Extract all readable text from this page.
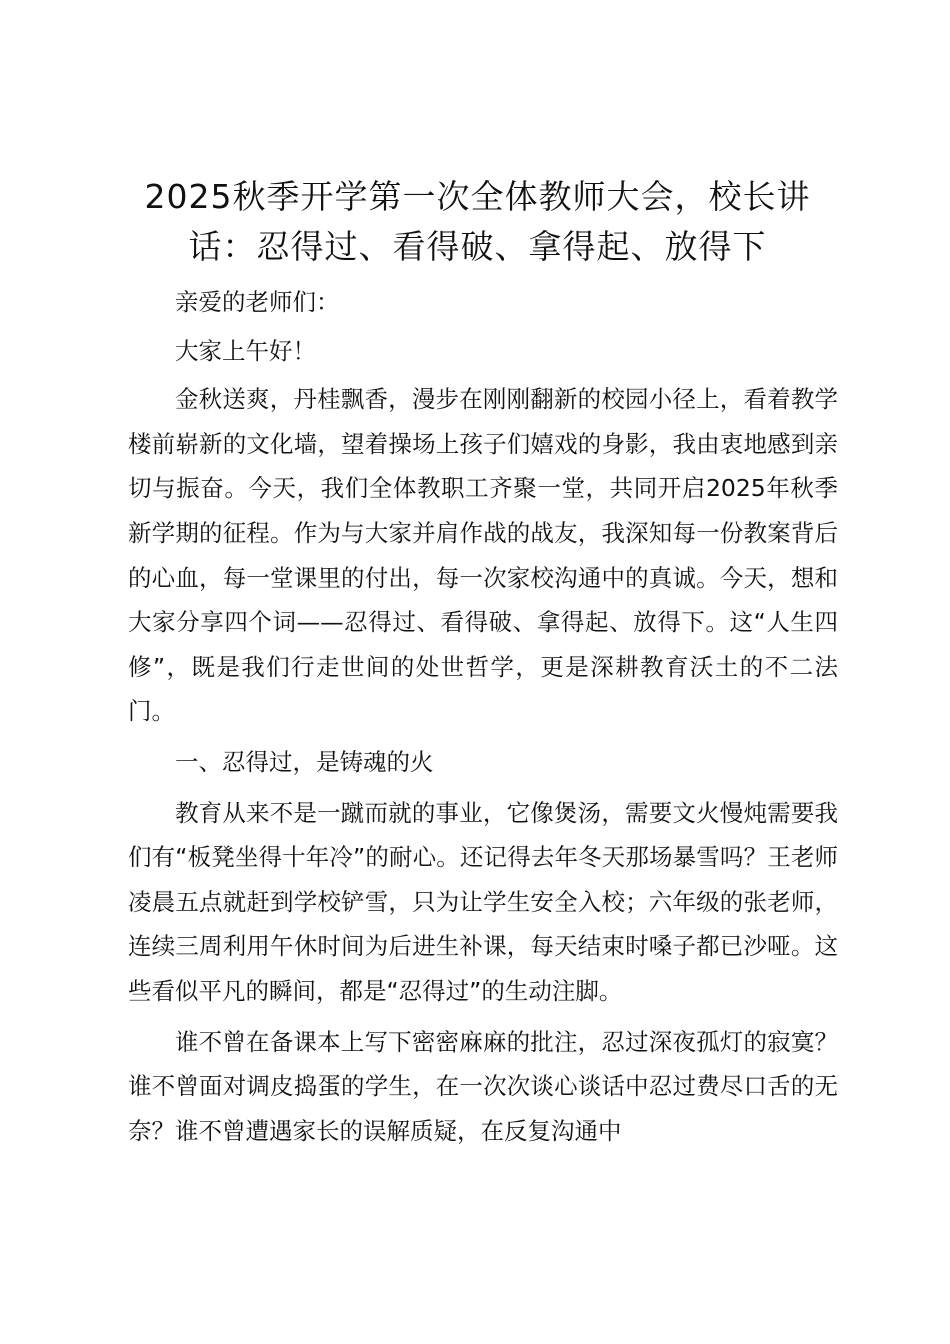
2025秋季开学第一次全体教师大会，校长讲话：忍得过、看得破、拿得起、放得下

亲爱的老师们：

大家上午好！

金秋送爽，丹桂飘香，漫步在刚刚翻新的校园小径上，看着教学楼前崭新的文化墙，望着操场上孩子们嬉戏的身影，我由衷地感到亲切与振奋。今天，我们全体教职工齐聚一堂，共同开启2025年秋季新学期的征程。作为与大家并肩作战的战友，我深知每一份教案背后的心血，每一堂课里的付出，每一次家校沟通中的真诚。今天，想和大家分享四个词——忍得过、看得破、拿得起、放得下。这“人生四修”，既是我们行走世间的处世哲学，更是深耕教育沃土的不二法门。

一、忍得过，是铸魂的火

教育从来不是一蹴而就的事业，它像煲汤，需要文火慢炖需要我们有“板凳坐得十年冷”的耐心。还记得去年冬天那场暴雪吗？王老师凌晨五点就赶到学校铲雪，只为让学生安全入校；六年级的张老师，连续三周利用午休时间为后进生补课，每天结束时嗓子都已沙哑。这些看似平凡的瞬间，都是“忍得过”的生动注脚。

谁不曾在备课本上写下密密麻麻的批注，忍过深夜孤灯的寂寞？谁不曾面对调皮捣蛋的学生，在一次次谈心谈话中忍过费尽口舌的无奈？谁不曾遭遇家长的误解质疑，在反复沟通中
